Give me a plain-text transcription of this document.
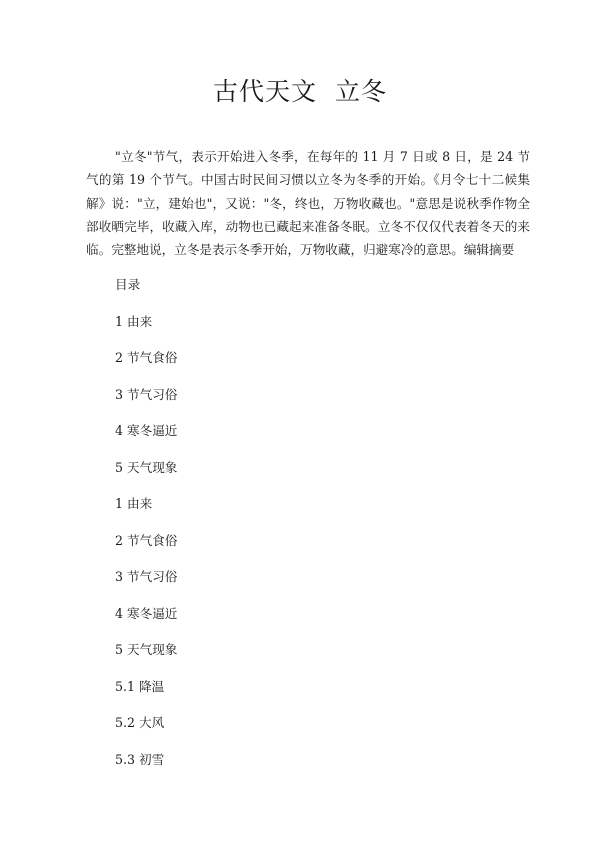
古代天文  立冬

"立冬"节气，表示开始进入冬季，在每年的 11 月 7 日或 8 日，是 24 节气的第 19 个节气。中国古时民间习惯以立冬为冬季的开始。《月令七十二候集解》说："立，建始也"，又说："冬，终也，万物收藏也。"意思是说秋季作物全部收晒完毕，收藏入库，动物也已藏起来准备冬眠。立冬不仅仅代表着冬天的来临。完整地说，立冬是表示冬季开始，万物收藏，归避寒冷的意思。编辑摘要

目录
1 由来
2 节气食俗
3 节气习俗
4 寒冬逼近
5 天气现象
1 由来
2 节气食俗
3 节气习俗
4 寒冬逼近
5 天气现象
5.1 降温
5.2 大风
5.3 初雪
